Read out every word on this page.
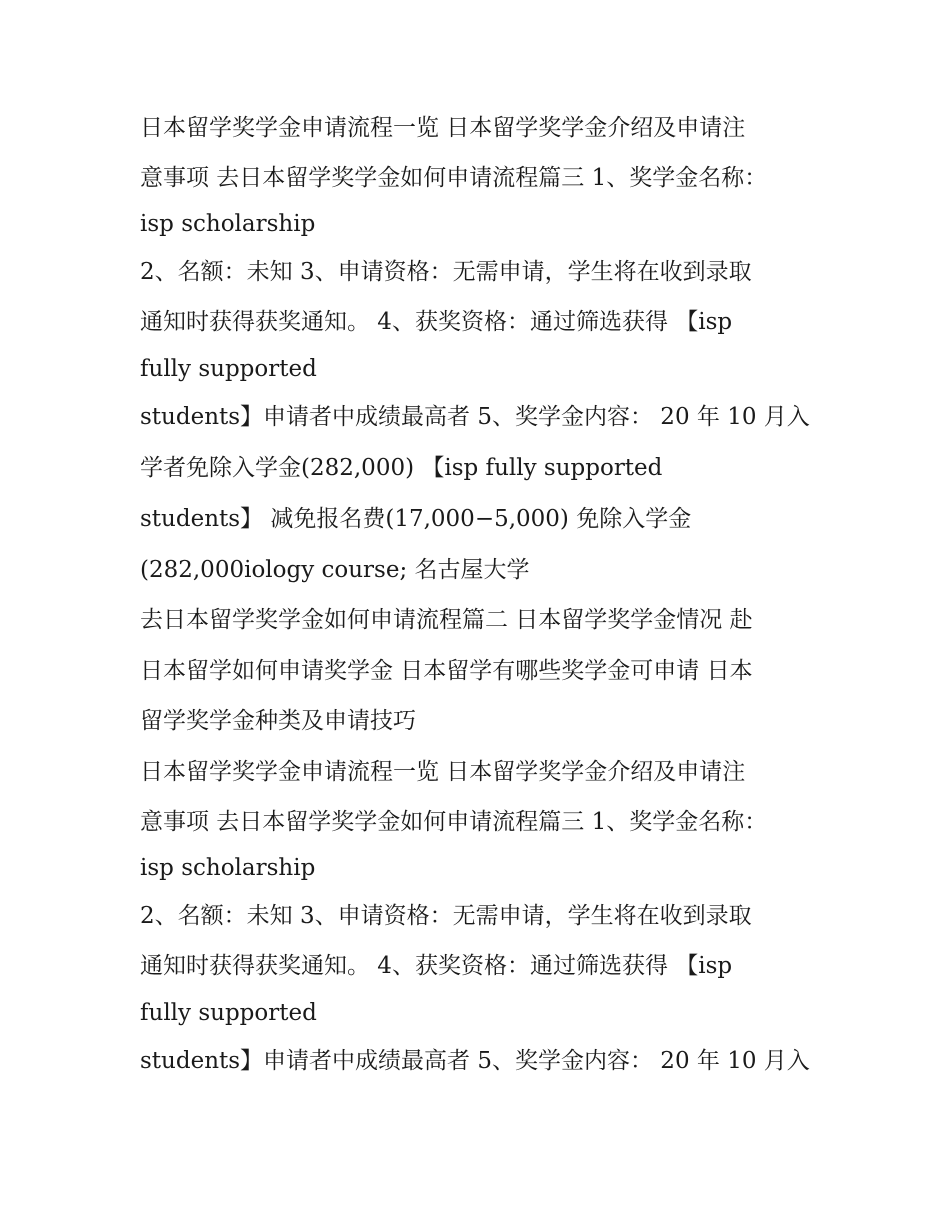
日本留学奖学金申请流程一览 日本留学奖学金介绍及申请注
意事项 去日本留学奖学金如何申请流程篇三 1、奖学金名称：
isp scholarship
2、名额：未知 3、申请资格：无需申请，学生将在收到录取
通知时获得获奖通知。 4、获奖资格：通过筛选获得 【isp
fully supported
students】申请者中成绩最高者 5、奖学金内容： 20 年 10 月入
学者免除入学金(282,000) 【isp fully supported
students】 减免报名费(17,000−5,000) 免除入学金
(282,000iology course; 名古屋大学
去日本留学奖学金如何申请流程篇二 日本留学奖学金情况 赴
日本留学如何申请奖学金 日本留学有哪些奖学金可申请 日本
留学奖学金种类及申请技巧
日本留学奖学金申请流程一览 日本留学奖学金介绍及申请注
意事项 去日本留学奖学金如何申请流程篇三 1、奖学金名称：
isp scholarship
2、名额：未知 3、申请资格：无需申请，学生将在收到录取
通知时获得获奖通知。 4、获奖资格：通过筛选获得 【isp
fully supported
students】申请者中成绩最高者 5、奖学金内容： 20 年 10 月入
